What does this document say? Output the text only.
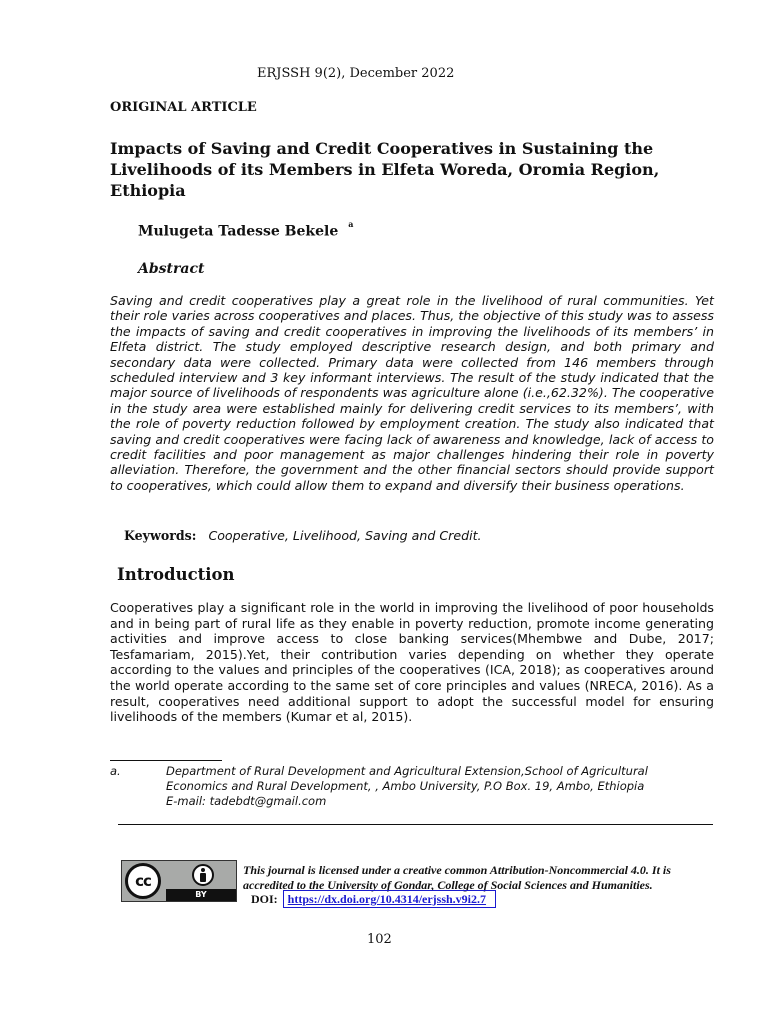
ERJSSH 9(2), December 2022
ORIGINAL ARTICLE
Impacts of Saving and Credit Cooperatives in Sustaining the Livelihoods of its Members in Elfeta Woreda, Oromia Region, Ethiopia
Mulugeta Tadesse Bekele $^a$
Abstract
Saving and credit cooperatives play a great role in the livelihood of rural communities. Yet their role varies across cooperatives and places. Thus, the objective of this study was to assess the impacts of saving and credit cooperatives in improving the livelihoods of its members’ in Elfeta district. The study employed descriptive research design, and both primary and secondary data were collected. Primary data were collected from 146 members through scheduled interview and 3 key informant interviews. The result of the study indicated that the major source of livelihoods of respondents was agriculture alone (i.e.,62.32%). The cooperative in the study area were established mainly for delivering credit services to its members’, with the role of poverty reduction followed by employment creation. The study also indicated that saving and credit cooperatives were facing lack of awareness and knowledge, lack of access to credit facilities and poor management as major challenges hindering their role in poverty alleviation. Therefore, the government and the other financial sectors should provide support to cooperatives, which could allow them to expand and diversify their business operations.
Keywords: Cooperative, Livelihood, Saving and Credit.
Introduction
Cooperatives play a significant role in the world in improving the livelihood of poor households and in being part of rural life as they enable in poverty reduction, promote income generating activities and improve access to close banking services(Mhembwe and Dube, 2017; Tesfamariam, 2015).Yet, their contribution varies depending on whether they operate according to the values and principles of the cooperatives (ICA, 2018); as cooperatives around the world operate according to the same set of core principles and values (NRECA, 2016). As a result, cooperatives need additional support to adopt the successful model for ensuring livelihoods of the members (Kumar et al, 2015).
a.	Department of Rural Development and Agricultural Extension,School of Agricultural
Economics and Rural Development, , Ambo University, P.O Box. 19, Ambo, Ethiopia
E-mail: tadebdt@gmail.com
cc
BY
This journal is licensed under a creative common Attribution-Noncommercial 4.0. It is accredited to the University of Gondar, College of Social Sciences and Humanities.
DOI: https://dx.doi.org/10.4314/erjssh.v9i2.7
102
